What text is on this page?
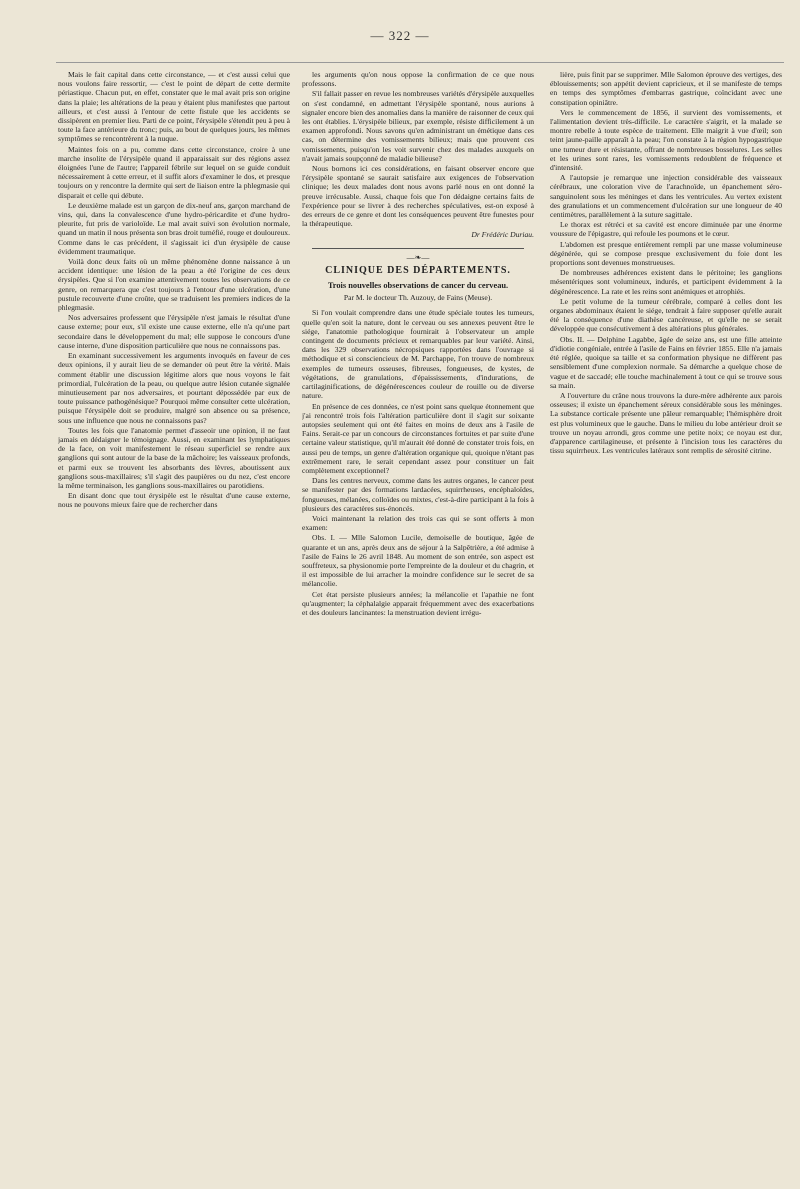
— 322 —

Mais le fait capital dans cette circonstance, — et c'est aussi celui que nous voulons faire ressortir, — c'est le point de départ de cette dermite périastique. Chacun put, en effet, constater que le mal avait pris son origine dans la plaie; les altérations de la peau y étaient plus manifestes que partout ailleurs, et c'est aussi à l'entour de cette fistule que les accidents se dissipèrent en premier lieu. Parti de ce point, l'érysipèle s'étendit peu à peu à toute la face antérieure du tronc; puis, au bout de quelques jours, les mêmes symptômes se rencontrèrent à la nuque.

Maintes fois on a pu, comme dans cette circonstance, croire à une marche insolite de l'érysipèle quand il apparaissait sur des régions assez éloignées l'une de l'autre; l'appareil fébrile sur lequel on se guide conduit nécessairement à cette erreur, et il suffit alors d'examiner le dos, et presque toujours on y rencontre la dermite qui sert de liaison entre la phlegmasie qui disparait et celle qui débute.

Le deuxième malade est un garçon de dix-neuf ans, garçon marchand de vins, qui, dans la convalescence d'une hydro-péricardite et d'une hydro-pleurite, fut pris de variolоïde. Le mal avait suivi son évolution normale, quand un matin il nous présenta son bras droit tuméfié, rouge et douloureux. Comme dans le cas précédent, il s'agissait ici d'un érysipèle de cause évidemment traumatique.

Voilà donc deux faits où un même phénomène donne naissance à un accident identique: une lésion de la peau a été l'origine de ces deux érysipèles. Que si l'on examine attentivement toutes les observations de ce genre, on remarquera que c'est toujours à l'entour d'une ulcération, d'une pustule recouverte d'une croûte, que se traduisent les premiers indices de la phlegmasie.

Nos adversaires professent que l'érysipèle n'est jamais le résultat d'une cause externe; pour eux, s'il existe une cause externe, elle n'a qu'une part secondaire dans le développement du mal; elle suppose le concours d'une cause interne, d'une disposition particulière que nous ne connaissons pas.

En examinant successivement les arguments invoqués en faveur de ces deux opinions, il y aurait lieu de se demander où peut être la vérité. Mais comment établir une discussion légitime alors que nous voyons le fait primordial, l'ulcération de la peau, ou quelque autre lésion cutanée signalée minutieusement par nos adversaires, et pourtant dépossédée par eux de toute puissance pathogénésique? Pourquoi même consulter cette ulcération, puisque l'érysipèle doit se produire, malgré son absence ou sa présence, sous une influence que nous ne connaissons pas?

Toutes les fois que l'anatomie permet d'asseoir une opinion, il ne faut jamais en dédaigner le témoignage. Aussi, en examinant les lymphatiques de la face, on voit manifestement le réseau superficiel se rendre aux ganglions qui sont autour de la base de la mâchoire; les vaisseaux profonds, et parmi eux se trouvent les absorbants des lèvres, aboutissent aux ganglions sous-maxillaires; s'il s'agit des paupières ou du nez, c'est encore la même terminaison, les ganglions sous-maxillaires ou parotidiens.

En disant donc que tout érysipèle est le résultat d'une cause externe, nous ne pouvons mieux faire que de rechercher dans

les arguments qu'on nous oppose la confirmation de ce que nous professons.

S'il fallait passer en revue les nombreuses variétés d'érysipèle auxquelles on s'est condamné, en admettant l'érysipèle spontané, nous aurions à signaler encore bien des anomalies dans la manière de raisonner de ceux qui les ont établies. L'érysipèle bilieux, par exemple, résiste difficilement à un examen approfondi. Nous savons qu'en administrant un émétique dans ces cas, on détermine des vomissements bilieux; mais que prouvent ces vomissements, puisqu'on les voit survenir chez des malades auxquels on n'avait jamais soupçonné de maladie bilieuse?

Nous bornons ici ces considérations, en faisant observer encore que l'érysipèle spontané se saurait satisfaire aux exigences de l'observation clinique; les deux malades dont nous avons parlé nous en ont donné la preuve irrécusable. Aussi, chaque fois que l'on dédaigne certains faits de l'expérience pour se livrer à des recherches spéculatives, est-on exposé à des erreurs de ce genre et dont les conséquences peuvent être funestes pour la thérapeutique.

Dr Frédéric Duriau.
—❧—
CLINIQUE DES DÉPARTEMENTS.
Trois nouvelles observations de cancer du cerveau.
Par M. le docteur Th. Auzouy, de Fains (Meuse).

Si l'on voulait comprendre dans une étude spéciale toutes les tumeurs, quelle qu'en soit la nature, dont le cerveau ou ses annexes peuvent être le siége, l'anatomie pathologique fournirait à l'observateur un ample contingent de documents précieux et remarquables par leur variété. Ainsi, dans les 329 observations nécropsiques rapportées dans l'ouvrage si méthodique et si consciencieux de M. Parchappe, l'on trouve de nombreux exemples de tumeurs osseuses, fibreuses, fongueuses, de kystes, de végétations, de granulations, d'épaississements, d'indurations, de cartilaginifications, de dégénérescences couleur de rouille ou de diverse nature.

En présence de ces données, ce n'est point sans quelque étonnement que j'ai rencontré trois fois l'altération particulière dont il s'agit sur soixante autopsies seulement qui ont été faites en moins de deux ans à l'asile de Fains. Serait-ce par un concours de circonstances fortuites et par suite d'une certaine valeur statistique, qu'il m'aurait été donné de constater trois fois, en aussi peu de temps, un genre d'altération organique qui, quoique n'étant pas extrêmement rare, le serait cependant assez pour constituer un fait complètement exceptionnel?

Dans les centres nerveux, comme dans les autres organes, le cancer peut se manifester par des formations lardacées, squirrheuses, encéphaloïdes, fongueuses, mélanées, colloïdes ou mixtes, c'est-à-dire participant à la fois à plusieurs des caractères sus-énoncés.

Voici maintenant la relation des trois cas qui se sont offerts à mon examen:

Obs. I. — Mlle Salomon Lucile, demoiselle de boutique, âgée de quarante et un ans, après deux ans de séjour à la Salpêtrière, a été admise à l'asile de Fains le 26 avril 1848. Au moment de son entrée, son aspect est souffreteux, sa physionomie porte l'empreinte de la douleur et du chagrin, et il est impossible de lui arracher la moindre confidence sur le secret de sa mélancolie.

Cet état persiste plusieurs années; la mélancolie et l'apathie ne font qu'augmenter; la céphalalgie apparait fréquemment avec des exacerbations et des douleurs lancinantes: la menstruation devient irrégu-

lière, puis finit par se supprimer. Mlle Salomon éprouve des vertiges, des éblouissements; son appétit devient capricieux, et il se manifeste de temps en temps des symptômes d'embarras gastrique, coïncidant avec une constipation opiniâtre.

Vers le commencement de 1856, il survient des vomissements, et l'alimentation devient très-difficile. Le caractère s'aigrit, et la malade se montre rebelle à toute espèce de traitement. Elle maigrit à vue d'œil; son teint jaune-paille apparaît à la peau; l'on constate à la région hypogastrique une tumeur dure et résistante, offrant de nombreuses bosselures. Les selles et les urines sont rares, les vomissements redoublent de fréquence et d'intensité.

A l'autopsie je remarque une injection considérable des vaisseaux cérébraux, une coloration vive de l'arachnoïde, un épanchement séro-sanguinolent sous les méninges et dans les ventricules. Au vertex existent des granulations et un commencement d'ulcération sur une longueur de 40 centimètres, parallèlement à la suture sagittale.

Le thorax est rétréci et sa cavité est encore diminuée par une énorme voussure de l'épigastre, qui refoule les poumons et le cœur.

L'abdomen est presque entièrement rempli par une masse volumineuse dégénérée, qui se compose presque exclusivement du foie dont les proportions sont devenues monstrueuses.

De nombreuses adhérences existent dans le péritoine; les ganglions mésentériques sont volumineux, indurés, et participent évidemment à la dégénérescence. La rate et les reins sont anémiques et atrophiés.

Le petit volume de la tumeur cérébrale, comparé à celles dont les organes abdominaux étaient le siége, tendrait à faire supposer qu'elle aurait été la conséquence d'une diathèse cancéreuse, et qu'elle ne se serait développée que consécutivement à des altérations plus générales.

Obs. II. — Delphine Lagabbe, âgée de seize ans, est une fille atteinte d'idiotie congéniale, entrée à l'asile de Fains en février 1855. Elle n'a jamais été réglée, quoique sa taille et sa conformation physique ne diffèrent pas sensiblement d'une complexion normale. Sa démarche a quelque chose de vague et de saccadé; elle touche machinalement à tout ce qui se trouve sous sa main.

A l'ouverture du crâne nous trouvons la dure-mère adhérente aux parois osseuses; il existe un épanchement séreux considérable sous les méninges. La substance corticale présente une pâleur remarquable; l'hémisphère droit est plus volumineux que le gauche. Dans le milieu du lobe antérieur droit se trouve un noyau arrondi, gros comme une petite noix; ce noyau est dur, d'apparence cartilagineuse, et présente à l'incision tous les caractères du tissu squirrheux. Les ventricules latéraux sont remplis de sérosité citrine.
